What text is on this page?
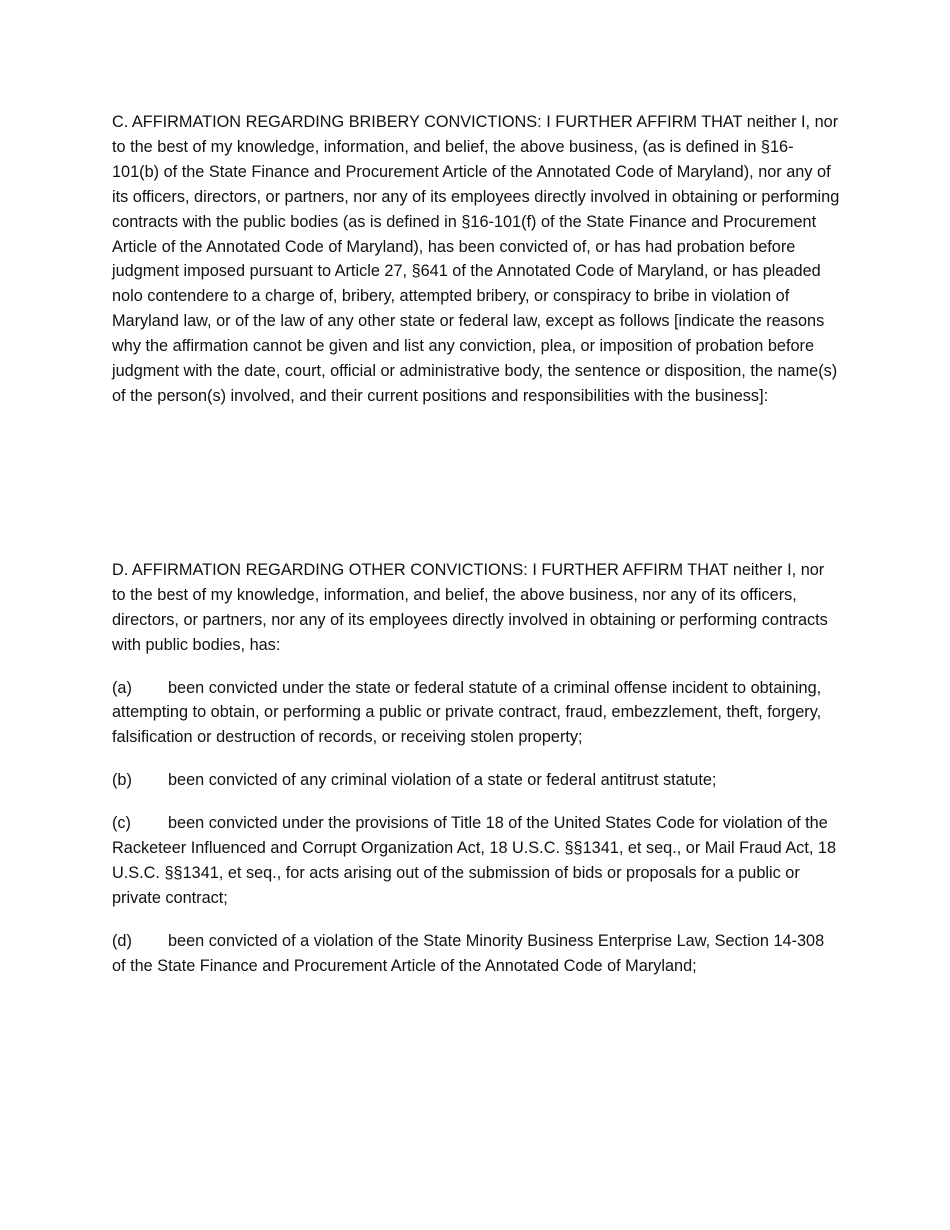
C. AFFIRMATION REGARDING BRIBERY CONVICTIONS: I FURTHER AFFIRM THAT neither I, nor to the best of my knowledge, information, and belief, the above business, (as is defined in §16-101(b) of the State Finance and Procurement Article of the Annotated Code of Maryland), nor any of its officers, directors, or partners, nor any of its employees directly involved in obtaining or performing contracts with the public bodies (as is defined in §16-101(f) of the State Finance and Procurement Article of the Annotated Code of Maryland), has been convicted of, or has had probation before judgment imposed pursuant to Article 27, §641 of the Annotated Code of Maryland, or has pleaded nolo contendere to a charge of, bribery, attempted bribery, or conspiracy to bribe in violation of Maryland law, or of the law of any other state or federal law, except as follows [indicate the reasons why the affirmation cannot be given and list any conviction, plea, or imposition of probation before judgment with the date, court, official or administrative body, the sentence or disposition, the name(s) of the person(s) involved, and their current positions and responsibilities with the business]:

D. AFFIRMATION REGARDING OTHER CONVICTIONS: I FURTHER AFFIRM THAT neither I, nor to the best of my knowledge, information, and belief, the above business, nor any of its officers, directors, or partners, nor any of its employees directly involved in obtaining or performing contracts with public bodies, has:

(a) been convicted under the state or federal statute of a criminal offense incident to obtaining, attempting to obtain, or performing a public or private contract, fraud, embezzlement, theft, forgery, falsification or destruction of records, or receiving stolen property;

(b) been convicted of any criminal violation of a state or federal antitrust statute;

(c) been convicted under the provisions of Title 18 of the United States Code for violation of the Racketeer Influenced and Corrupt Organization Act, 18 U.S.C. §§1341, et seq., or Mail Fraud Act, 18 U.S.C. §§1341, et seq., for acts arising out of the submission of bids or proposals for a public or private contract;

(d) been convicted of a violation of the State Minority Business Enterprise Law, Section 14-308 of the State Finance and Procurement Article of the Annotated Code of Maryland;
